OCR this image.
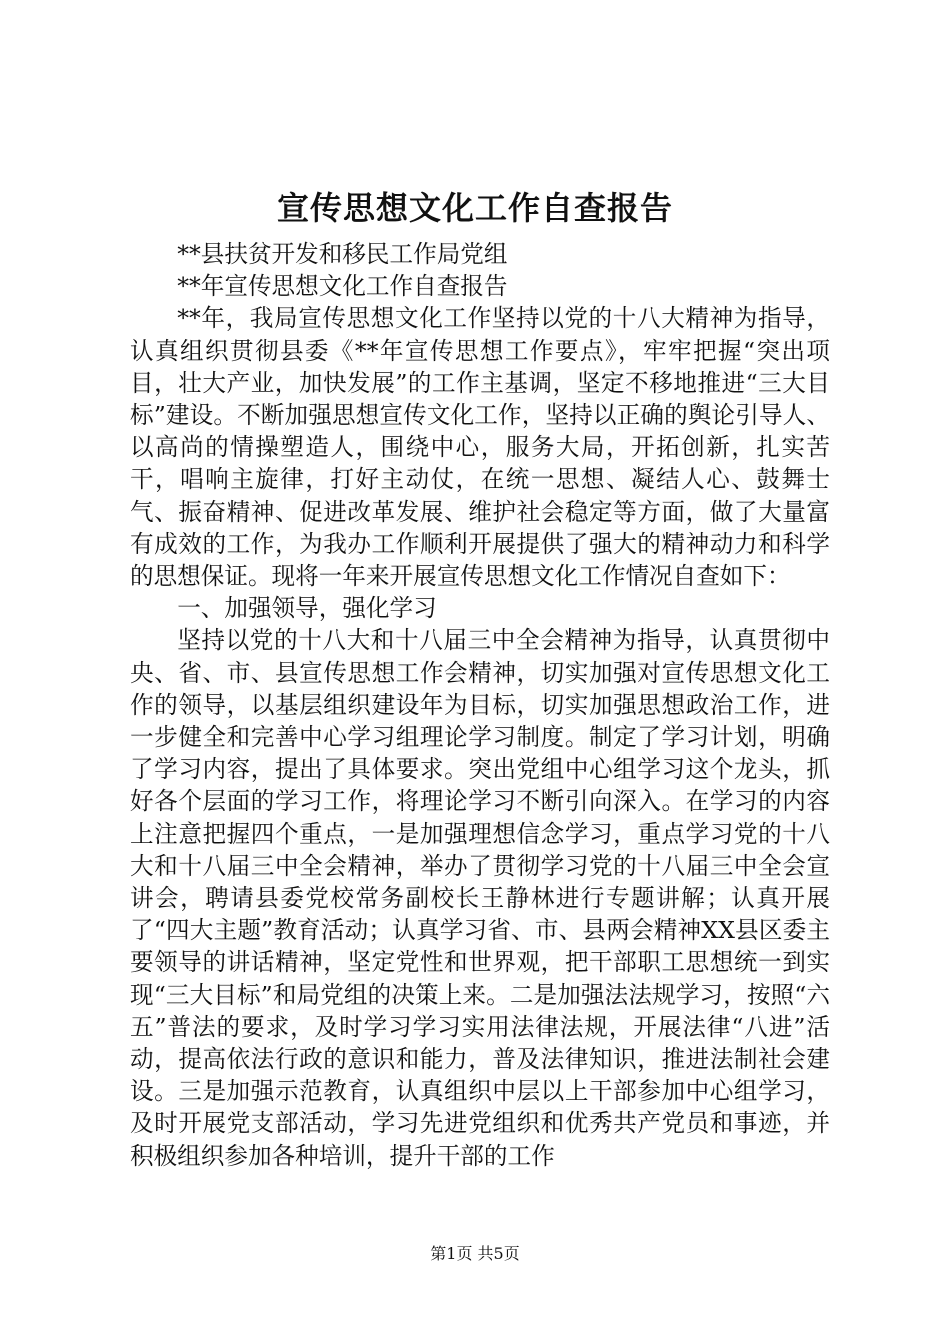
宣传思想文化工作自查报告

**县扶贫开发和移民工作局党组

**年宣传思想文化工作自查报告

**年，我局宣传思想文化工作坚持以党的十八大精神为指导，认真组织贯彻县委《**年宣传思想工作要点》，牢牢把握“突出项目，壮大产业，加快发展”的工作主基调，坚定不移地推进“三大目标”建设。不断加强思想宣传文化工作，坚持以正确的舆论引导人、以高尚的情操塑造人，围绕中心，服务大局，开拓创新，扎实苦干，唱响主旋律，打好主动仗，在统一思想、凝结人心、鼓舞士气、振奋精神、促进改革发展、维护社会稳定等方面，做了大量富有成效的工作，为我办工作顺利开展提供了强大的精神动力和科学的思想保证。现将一年来开展宣传思想文化工作情况自查如下：

一、加强领导，强化学习

坚持以党的十八大和十八届三中全会精神为指导，认真贯彻中央、省、市、县宣传思想工作会精神，切实加强对宣传思想文化工作的领导，以基层组织建设年为目标，切实加强思想政治工作，进一步健全和完善中心学习组理论学习制度。制定了学习计划，明确了学习内容，提出了具体要求。突出党组中心组学习这个龙头，抓好各个层面的学习工作，将理论学习不断引向深入。在学习的内容上注意把握四个重点，一是加强理想信念学习，重点学习党的十八大和十八届三中全会精神，举办了贯彻学习党的十八届三中全会宣讲会，聘请县委党校常务副校长王静林进行专题讲解；认真开展了“四大主题”教育活动；认真学习省、市、县两会精神XX县区委主要领导的讲话精神，坚定党性和世界观，把干部职工思想统一到实现“三大目标”和局党组的决策上来。二是加强法法规学习，按照“六五”普法的要求，及时学习学习实用法律法规，开展法律“八进”活动，提高依法行政的意识和能力，普及法律知识，推进法制社会建设。三是加强示范教育，认真组织中层以上干部参加中心组学习，及时开展党支部活动，学习先进党组织和优秀共产党员和事迹，并积极组织参加各种培训，提升干部的工作

第1页 共5页
